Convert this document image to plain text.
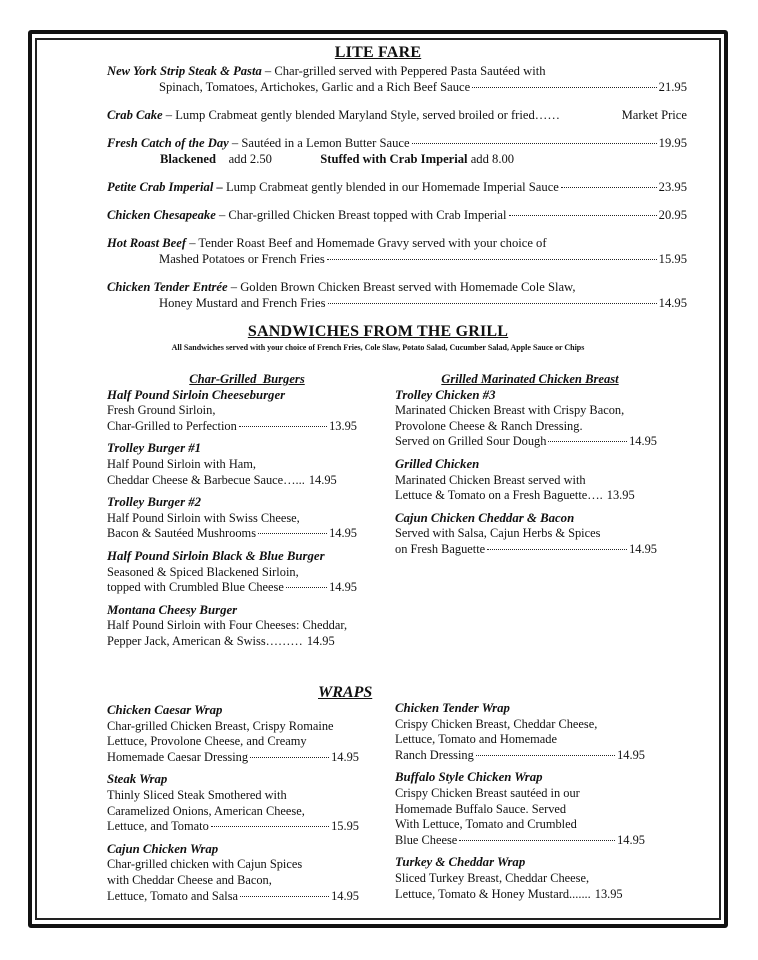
LITE FARE
New York Strip Steak & Pasta – Char-grilled served with Peppered Pasta Sautéed with
Spinach, Tomatoes, Artichokes, Garlic and a Rich Beef Sauce	21.95
Crab Cake – Lump Crabmeat gently blended Maryland Style, served broiled or fried……	Market Price
Fresh Catch of the Day – Sautéed in a Lemon Butter Sauce	19.95
Blackened add 2.50	Stuffed with Crab Imperial add 8.00
Petite Crab Imperial – Lump Crabmeat gently blended in our Homemade Imperial Sauce	23.95
Chicken Chesapeake – Char-grilled Chicken Breast topped with Crab Imperial	20.95
Hot Roast Beef – Tender Roast Beef and Homemade Gravy served with your choice of
Mashed Potatoes or French Fries	15.95
Chicken Tender Entrée – Golden Brown Chicken Breast served with Homemade Cole Slaw,
Honey Mustard and French Fries	14.95
SANDWICHES FROM THE GRILL

All Sandwiches served with your choice of French Fries, Cole Slaw, Potato Salad, Cucumber Salad, Apple Sauce or Chips

Char-Grilled  Burgers
Half Pound Sirloin Cheeseburger
Fresh Ground Sirloin,
Char-Grilled to Perfection	13.95
Trolley Burger #1
Half Pound Sirloin with Ham,
Cheddar Cheese & Barbecue Sauce…... 14.95
Trolley Burger #2
Half Pound Sirloin with Swiss Cheese,
Bacon & Sautéed Mushrooms	14.95
Half Pound Sirloin Black & Blue Burger
Seasoned & Spiced Blackened Sirloin,
topped with Crumbled Blue Cheese	14.95
Montana Cheesy Burger
Half Pound Sirloin with Four Cheeses: Cheddar,
Pepper Jack, American & Swiss……… 14.95
Grilled Marinated Chicken Breast
Trolley Chicken #3
Marinated Chicken Breast with Crispy Bacon,
Provolone Cheese & Ranch Dressing.
Served on Grilled Sour Dough	14.95
Grilled Chicken
Marinated Chicken Breast served with
Lettuce & Tomato on a Fresh Baguette…. 13.95
Cajun Chicken Cheddar & Bacon
Served with Salsa, Cajun Herbs & Spices
on Fresh Baguette	14.95
WRAPS
Chicken Caesar Wrap
Char-grilled Chicken Breast, Crispy Romaine
Lettuce, Provolone Cheese, and Creamy
Homemade Caesar Dressing	14.95
Steak Wrap
Thinly Sliced Steak Smothered with
Caramelized Onions, American Cheese,
Lettuce, and Tomato	15.95
Cajun Chicken Wrap
Char-grilled chicken with Cajun Spices
with Cheddar Cheese and Bacon,
Lettuce, Tomato and Salsa	14.95
Chicken Tender Wrap
Crispy Chicken Breast, Cheddar Cheese,
Lettuce, Tomato and Homemade
Ranch Dressing	14.95
Buffalo Style Chicken Wrap
Crispy Chicken Breast sautéed in our
Homemade Buffalo Sauce. Served
With Lettuce, Tomato and Crumbled
Blue Cheese	14.95
Turkey & Cheddar Wrap
Sliced Turkey Breast, Cheddar Cheese,
Lettuce, Tomato & Honey Mustard....... 13.95
